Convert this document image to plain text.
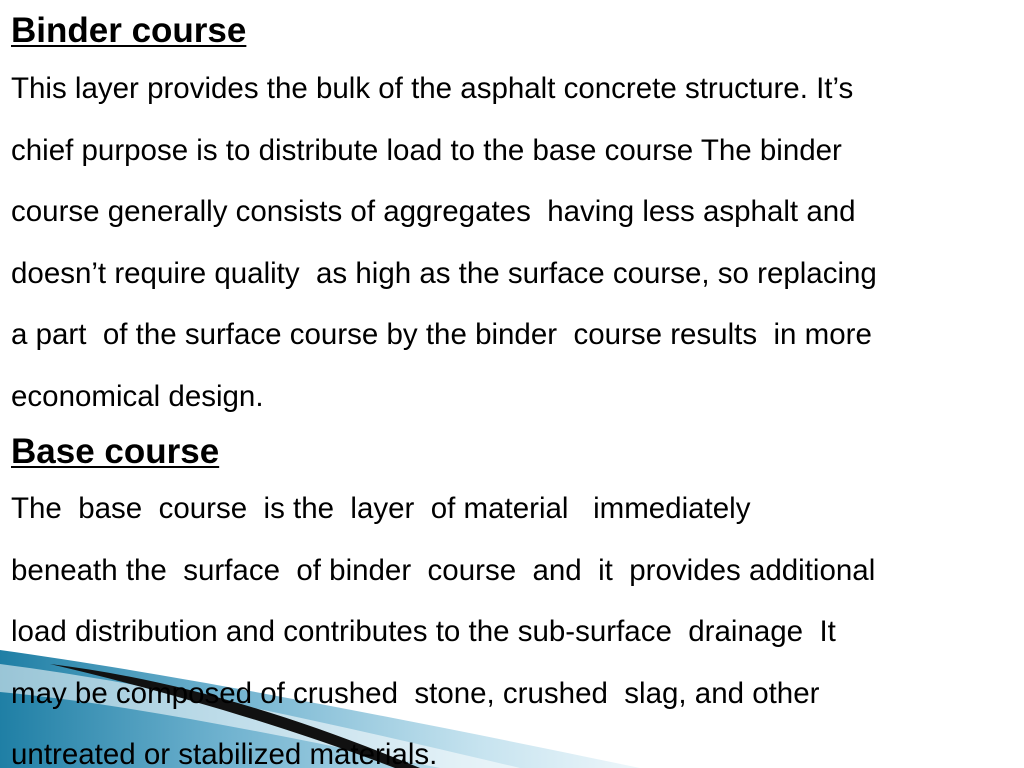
Binder course
This layer provides the bulk of the asphalt concrete structure. It’s
chief purpose is to distribute load to the base course The binder
course generally consists of aggregates  having less asphalt and
doesn’t require quality  as high as the surface course, so replacing
a part  of the surface course by the binder  course results  in more
economical design.
Base course
The  base  course  is the  layer  of material   immediately
beneath the  surface  of binder  course  and  it  provides additional
load distribution and contributes to the sub-surface  drainage  It
may be composed of crushed  stone, crushed  slag, and other
untreated or stabilized materials.
